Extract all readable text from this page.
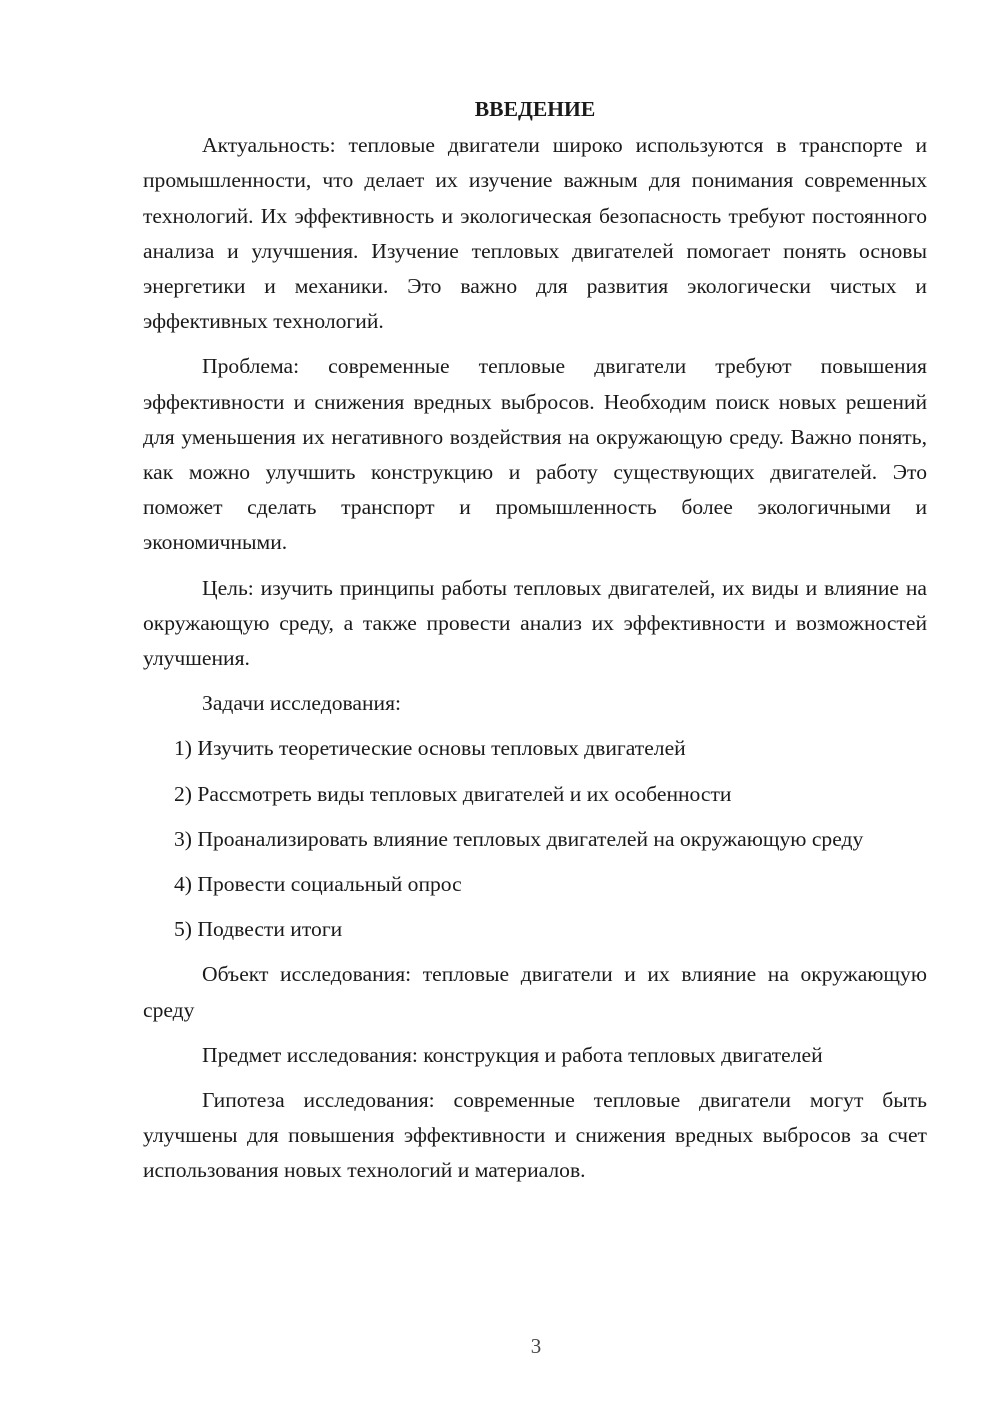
ВВЕДЕНИЕ

Актуальность: тепловые двигатели широко используются в транспорте и промышленности, что делает их изучение важным для понимания современных технологий. Их эффективность и экологическая безопасность требуют постоянного анализа и улучшения. Изучение тепловых двигателей помогает понять основы энергетики и механики. Это важно для развития экологически чистых и эффективных технологий.

Проблема: современные тепловые двигатели требуют повышения эффективности и снижения вредных выбросов. Необходим поиск новых решений для уменьшения их негативного воздействия на окружающую среду. Важно понять, как можно улучшить конструкцию и работу существующих двигателей. Это поможет сделать транспорт и промышленность более экологичными и экономичными.

Цель: изучить принципы работы тепловых двигателей, их виды и влияние на окружающую среду, а также провести анализ их эффективности и возможностей улучшения.

Задачи исследования:

1) Изучить теоретические основы тепловых двигателей

2) Рассмотреть виды тепловых двигателей и их особенности

3) Проанализировать влияние тепловых двигателей на окружающую среду

4) Провести социальный опрос

5) Подвести итоги

Объект исследования: тепловые двигатели и их влияние на окружающую среду

Предмет исследования: конструкция и работа тепловых двигателей

Гипотеза исследования: современные тепловые двигатели могут быть улучшены для повышения эффективности и снижения вредных выбросов за счет использования новых технологий и материалов.

3
